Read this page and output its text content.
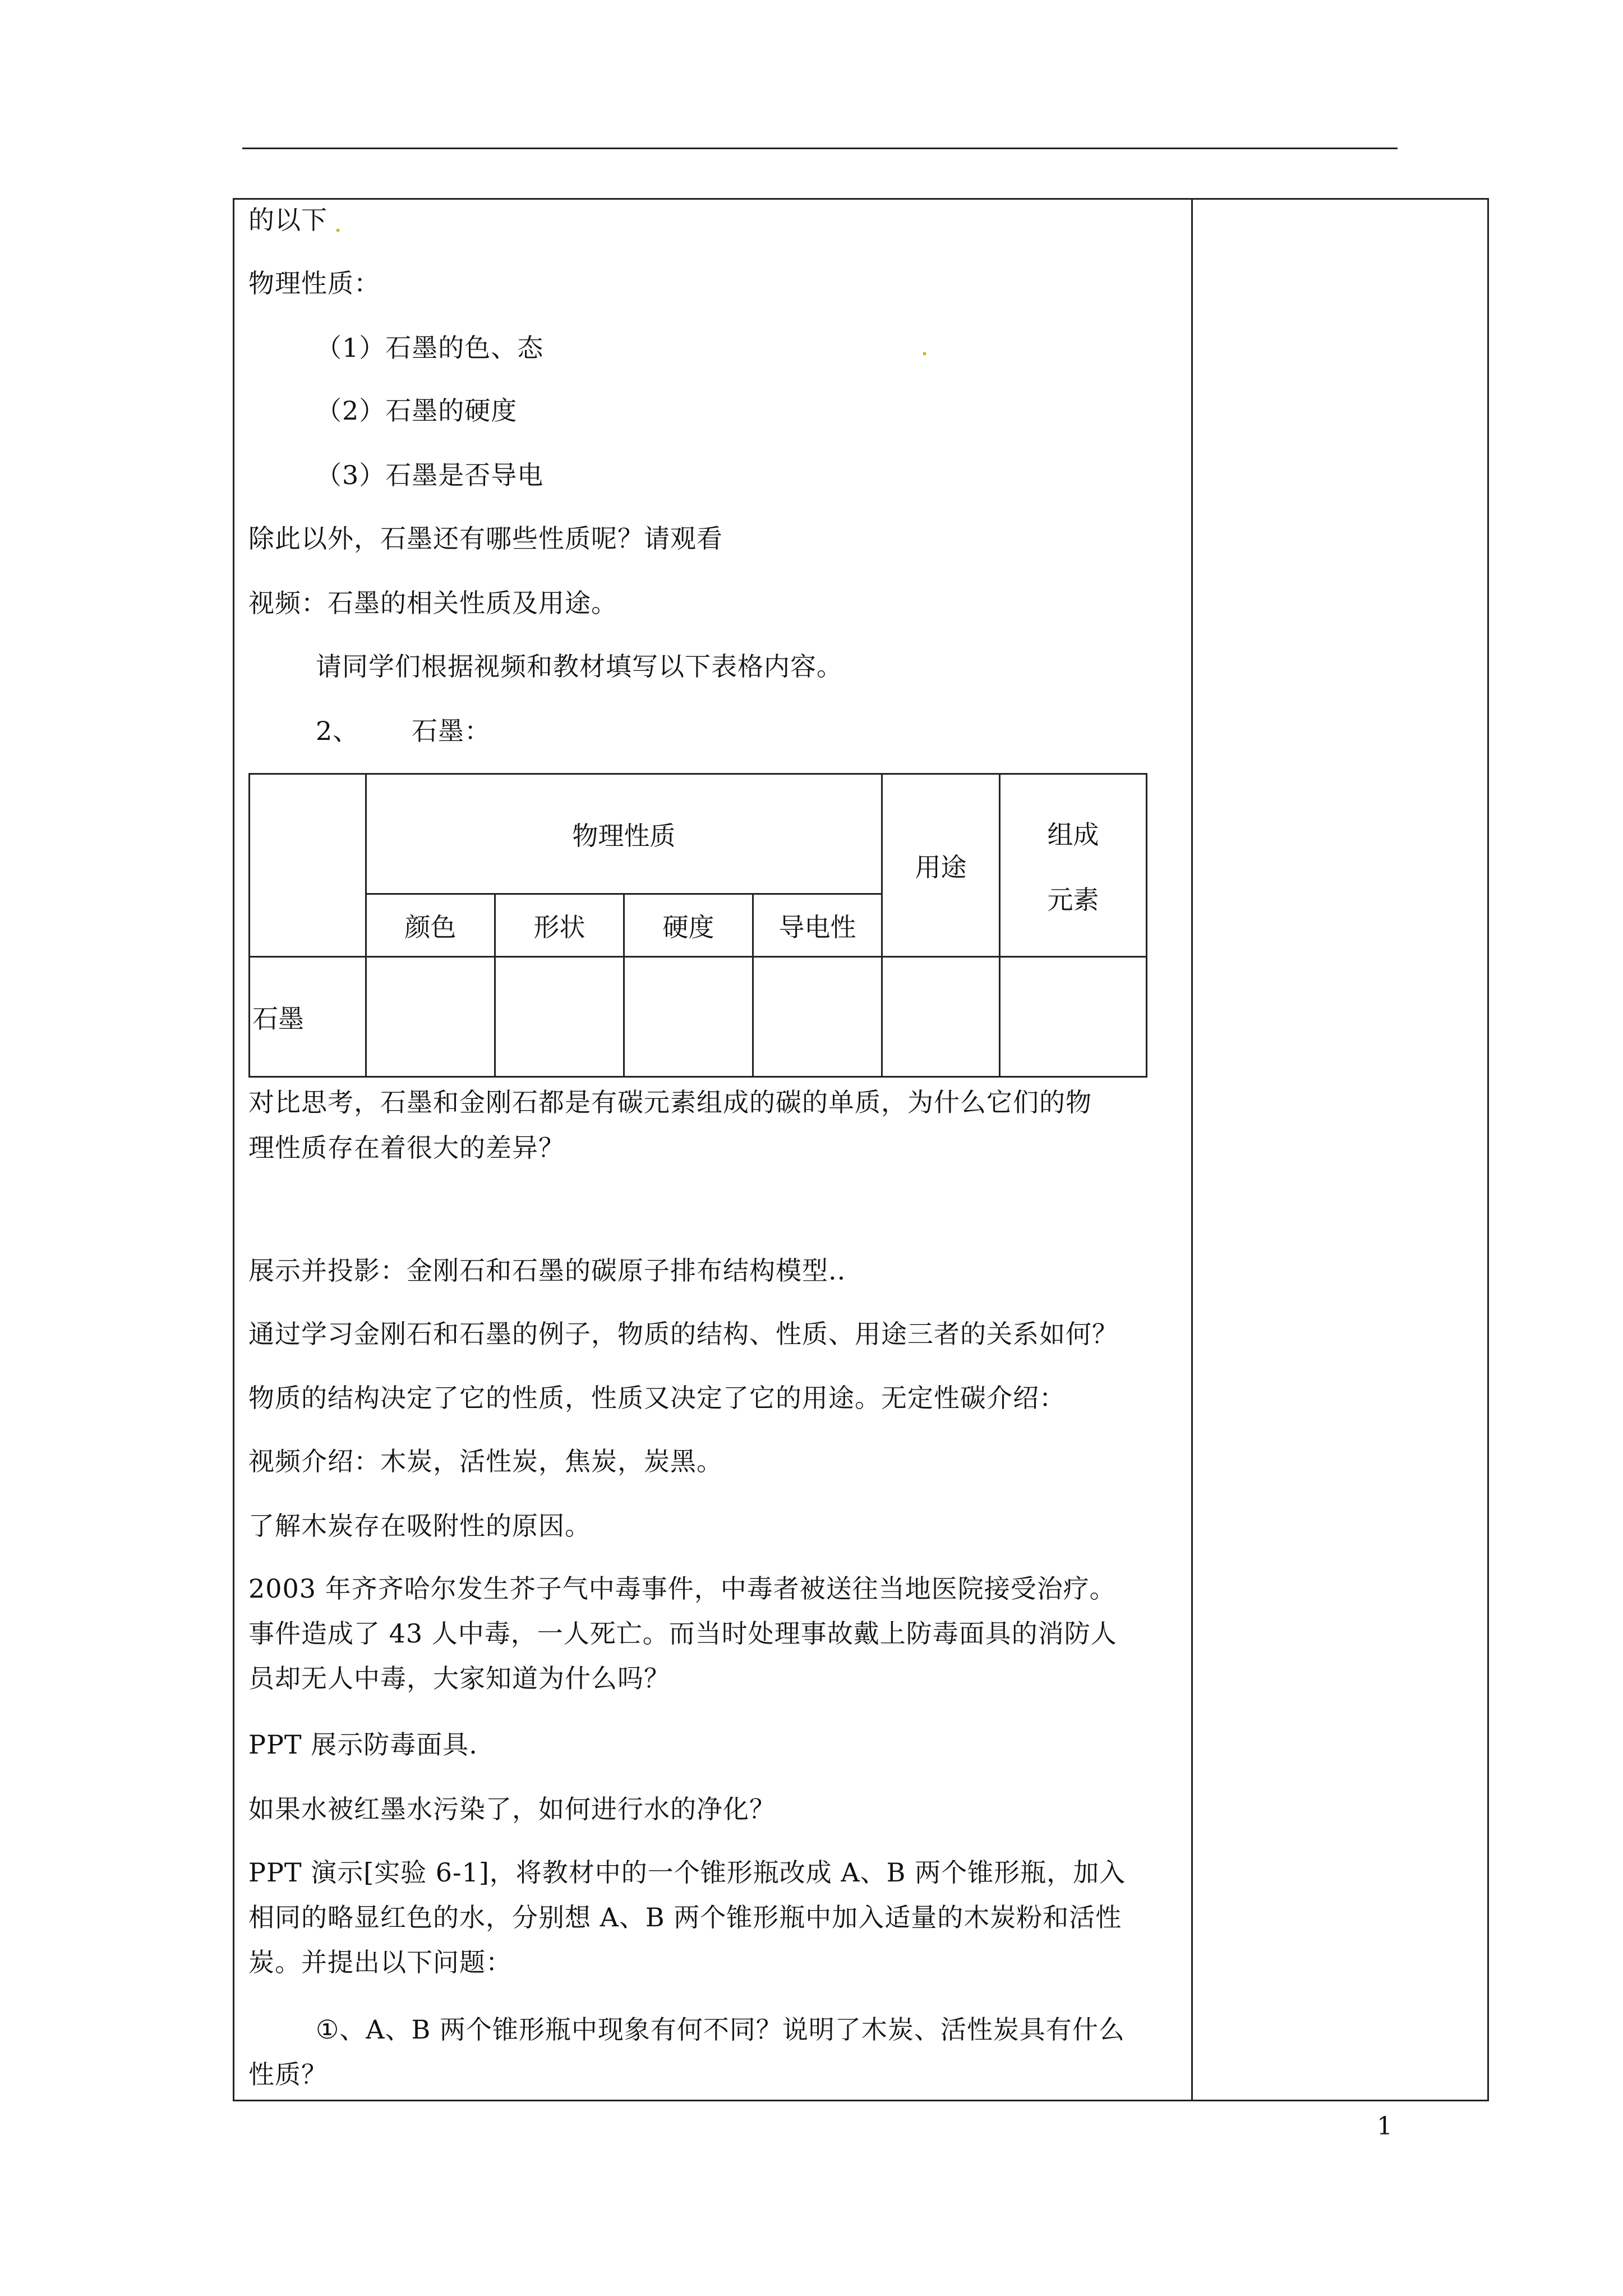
的以下
物理性质：
（1）石墨的色、态
（2）石墨的硬度
（3）石墨是否导电
除此以外，石墨还有哪些性质呢？请观看
视频：石墨的相关性质及用途。
请同学们根据视频和教材填写以下表格内容。
2、      石墨：
	物理性质				用途	组成
元素

	颜色	形状	硬度	导电性		
石墨						
对比思考，石墨和金刚石都是有碳元素组成的碳的单质，为什么它们的物
理性质存在着很大的差异？
展示并投影：金刚石和石墨的碳原子排布结构模型..
通过学习金刚石和石墨的例子，物质的结构、性质、用途三者的关系如何？
物质的结构决定了它的性质，性质又决定了它的用途。无定性碳介绍：
视频介绍：木炭，活性炭，焦炭，炭黑。
了解木炭存在吸附性的原因。
2003 年齐齐哈尔发生芥子气中毒事件，中毒者被送往当地医院接受治疗。
事件造成了 43 人中毒，一人死亡。而当时处理事故戴上防毒面具的消防人
员却无人中毒，大家知道为什么吗？
PPT 展示防毒面具.
如果水被红墨水污染了，如何进行水的净化？
PPT 演示[实验 6-1]，将教材中的一个锥形瓶改成 A、B 两个锥形瓶，加入
相同的略显红色的水，分别想 A、B 两个锥形瓶中加入适量的木炭粉和活性
炭。并提出以下问题：
①、A、B 两个锥形瓶中现象有何不同？说明了木炭、活性炭具有什么
性质？
1
